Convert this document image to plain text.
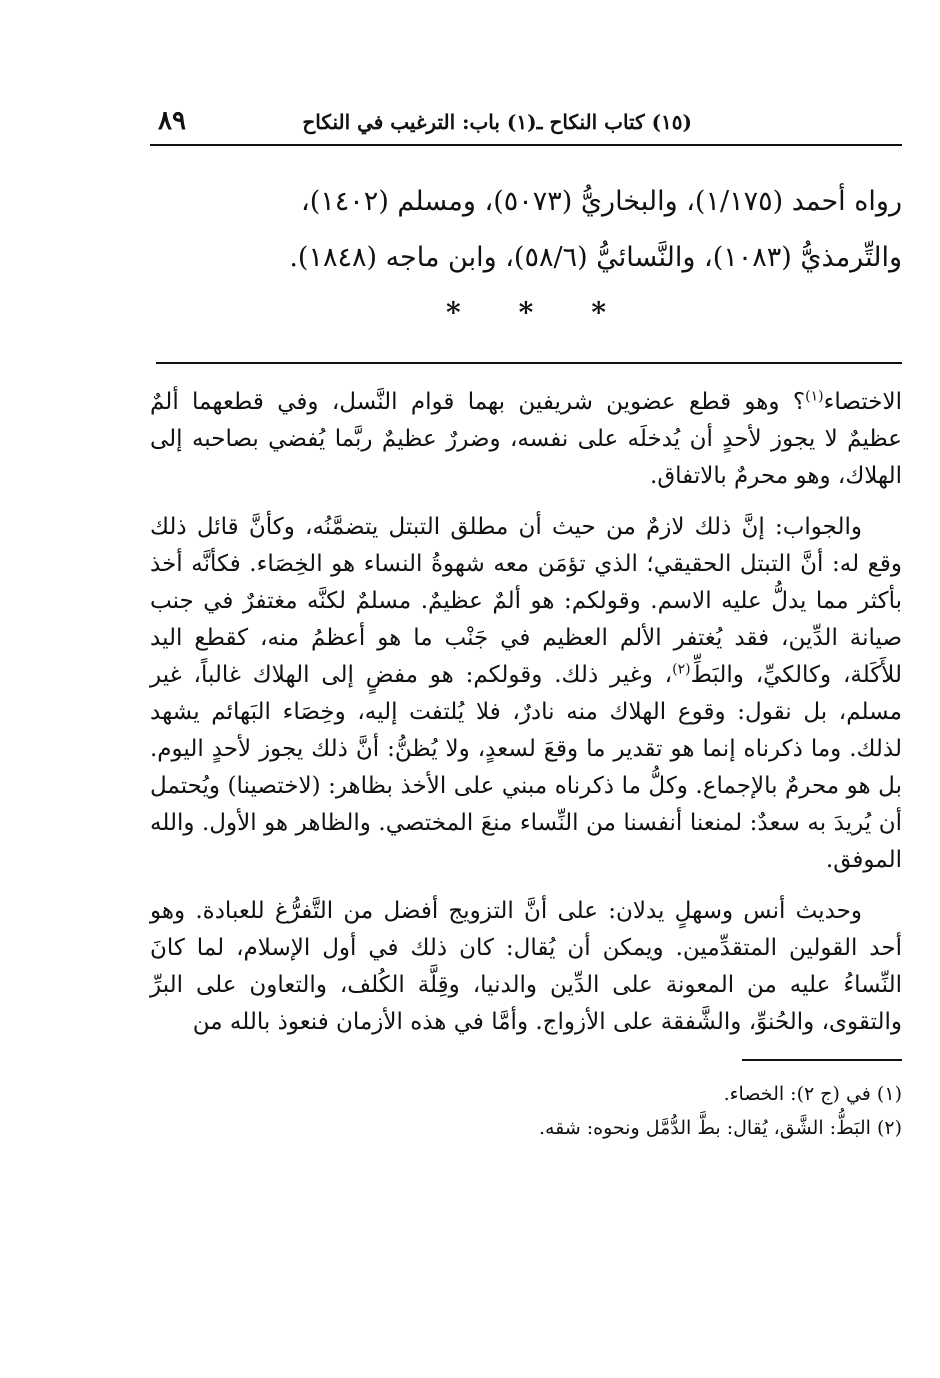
(١٥) كتاب النكاح ـ(١) باب: الترغيب في النكاح
٨٩

رواه أحمد (١/١٧٥)، والبخاريُّ (٥٠٧٣)، ومسلم (١٤٠٢)،

والتِّرمذيُّ (١٠٨٣)، والنَّسائيُّ (٥٨/٦)، وابن ماجه (١٨٤٨).

* * *

الاختصاء$^{(١)}$؟ وهو قطع عضوين شريفين بهما قوام النَّسل، وفي قطعهما ألمٌ عظيمٌ لا يجوز لأحدٍ أن يُدخلَه على نفسه، وضررٌ عظيمٌ ربَّما يُفضي بصاحبه إلى الهلاك، وهو محرمٌ بالاتفاق.

والجواب: إنَّ ذلك لازمٌ من حيث أن مطلق التبتل يتضمَّنُه، وكأنَّ قائل ذلك وقع له: أنَّ التبتل الحقيقي؛ الذي تؤمَن معه شهوةُ النساء هو الخِصَاء. فكأنَّه أخذ بأكثر مما يدلُّ عليه الاسم. وقولكم: هو ألمٌ عظيمٌ. مسلمٌ لكنَّه مغتفرٌ في جنب صيانة الدِّين، فقد يُغتفر الألم العظيم في جَنْب ما هو أعظمُ منه، كقطع اليد للأَكَلة، وكالكيِّ، والبَطِّ$^{(٢)}$، وغير ذلك. وقولكم: هو مفضٍ إلى الهلاك غالباً، غير مسلم، بل نقول: وقوع الهلاك منه نادرٌ، فلا يُلتفت إليه، وخِصَاء البَهائم يشهد لذلك. وما ذكرناه إنما هو تقدير ما وقعَ لسعدٍ، ولا يُظنُّ: أنَّ ذلك يجوز لأحدٍ اليوم. بل هو محرمٌ بالإجماع. وكلُّ ما ذكرناه مبني على الأخذ بظاهر: (لاختصينا) ويُحتمل أن يُريدَ به سعدٌ: لمنعنا أنفسنا من النِّساء منعَ المختصي. والظاهر هو الأول. والله الموفق.

وحديث أنس وسهلٍ يدلان: على أنَّ التزويج أفضل من التَّفرُّغ للعبادة. وهو أحد القولين المتقدِّمين. ويمكن أن يُقال: كان ذلك في أول الإسلام، لما كانَ النِّساءُ عليه من المعونة على الدِّين والدنيا، وقِلَّة الكُلف، والتعاون على البرِّ والتقوى، والحُنوِّ، والشَّفقة على الأزواج. وأمَّا في هذه الأزمان فنعوذ بالله من

(١) في (ج ٢): الخصاء.
(٢) البَطُّ: الشَّق، يُقال: بطَّ الدُّمَّل ونحوه: شقه.
